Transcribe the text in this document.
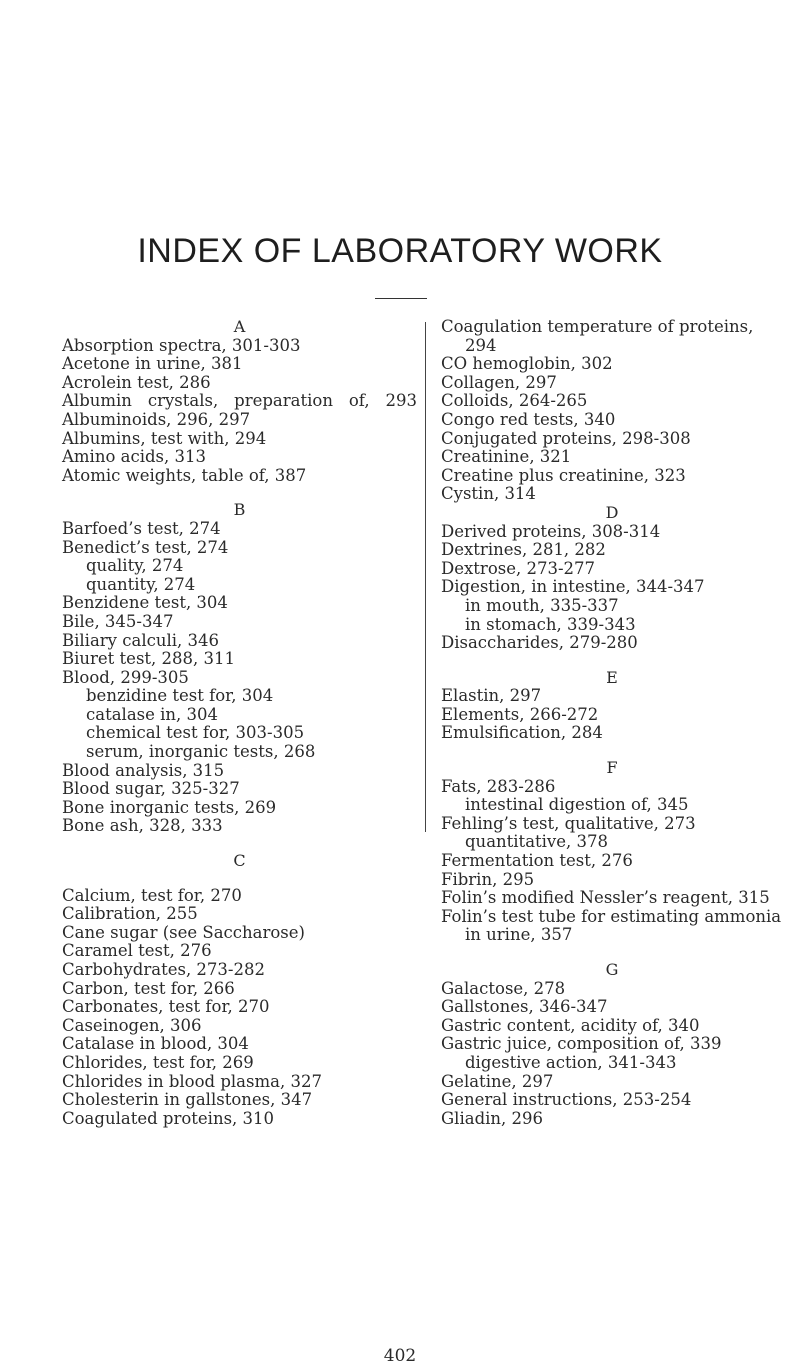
INDEX OF LABORATORY WORK
A
Absorption spectra, 301-303
Acetone in urine, 381
Acrolein test, 286
Albumin crystals, preparation of, 293
Albuminoids, 296, 297
Albumins, test with, 294
Amino acids, 313
Atomic weights, table of, 387
B
Barfoed’s test, 274
Benedict’s test, 274
quality, 274
quantity, 274
Benzidene test, 304
Bile, 345-347
Biliary calculi, 346
Biuret test, 288, 311
Blood, 299-305
benzidine test for, 304
catalase in, 304
chemical test for, 303-305
serum, inorganic tests, 268
Blood analysis, 315
Blood sugar, 325-327
Bone inorganic tests, 269
Bone ash, 328, 333
C
Calcium, test for, 270
Calibration, 255
Cane sugar (see Saccharose)
Caramel test, 276
Carbohydrates, 273-282
Carbon, test for, 266
Carbonates, test for, 270
Caseinogen, 306
Catalase in blood, 304
Chlorides, test for, 269
Chlorides in blood plasma, 327
Cholesterin in gallstones, 347
Coagulated proteins, 310
Coagulation temperature of proteins, 294
CO hemoglobin, 302
Collagen, 297
Colloids, 264-265
Congo red tests, 340
Conjugated proteins, 298-308
Creatinine, 321
Creatine plus creatinine, 323
Cystin, 314
D
Derived proteins, 308-314
Dextrines, 281, 282
Dextrose, 273-277
Digestion, in intestine, 344-347
in mouth, 335-337
in stomach, 339-343
Disaccharides, 279-280
E
Elastin, 297
Elements, 266-272
Emulsification, 284
F
Fats, 283-286
intestinal digestion of, 345
Fehling’s test, qualitative, 273
quantitative, 378
Fermentation test, 276
Fibrin, 295
Folin’s modified Nessler’s reagent, 315
Folin’s test tube for estimating ammonia in urine, 357
G
Galactose, 278
Gallstones, 346-347
Gastric content, acidity of, 340
Gastric juice, composition of, 339
digestive action, 341-343
Gelatine, 297
General instructions, 253-254
Gliadin, 296
402
